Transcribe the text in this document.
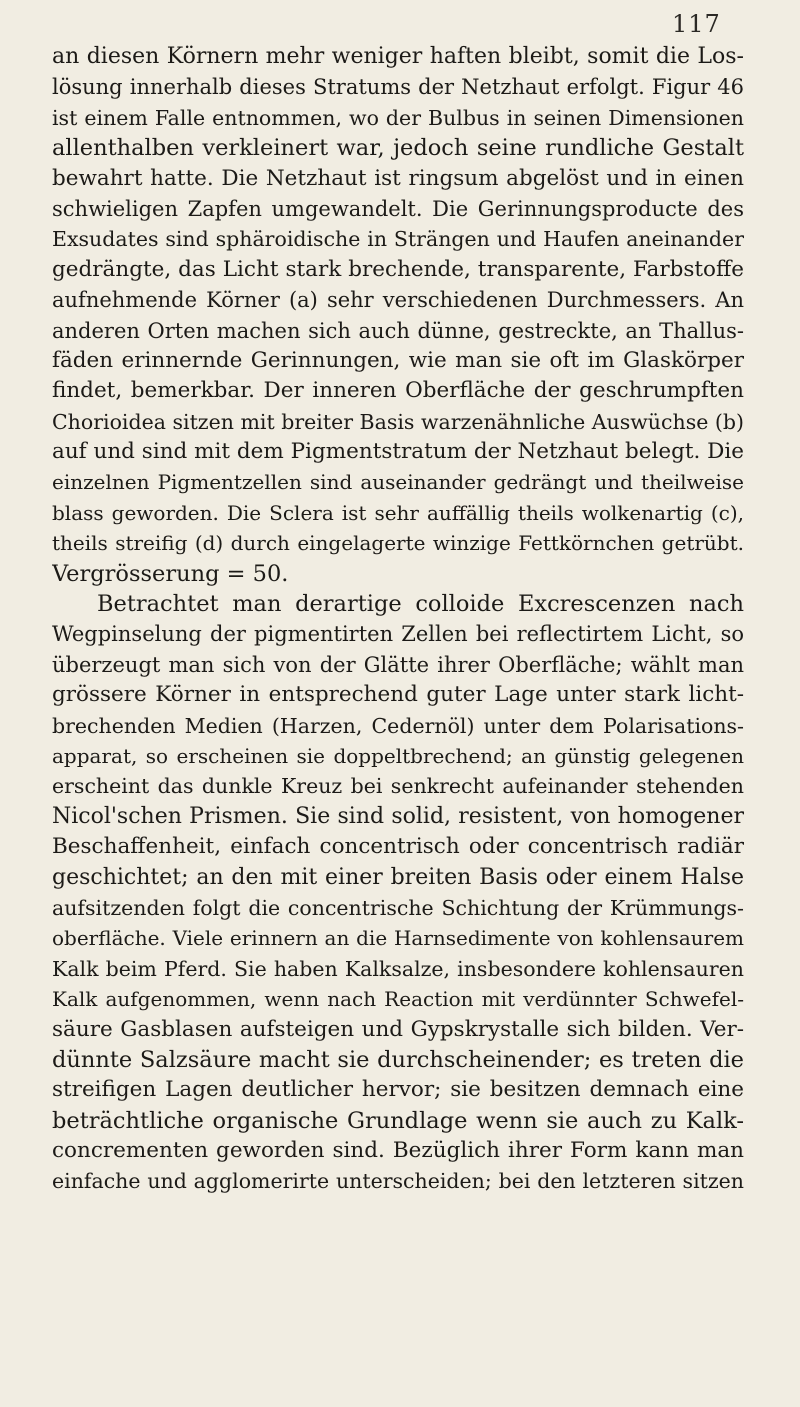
117
an diesen Körnern mehr weniger haften bleibt, somit die Los-
lösung innerhalb dieses Stratums der Netzhaut erfolgt. Figur 46
ist einem Falle entnommen, wo der Bulbus in seinen Dimensionen
allenthalben verkleinert war, jedoch seine rundliche Gestalt
bewahrt hatte. Die Netzhaut ist ringsum abgelöst und in einen
schwieligen Zapfen umgewandelt. Die Gerinnungsproducte des
Exsudates sind sphäroidische in Strängen und Haufen aneinander
gedrängte, das Licht stark brechende, transparente, Farbstoffe
aufnehmende Körner (a) sehr verschiedenen Durchmessers. An
anderen Orten machen sich auch dünne, gestreckte, an Thallus-
fäden erinnernde Gerinnungen, wie man sie oft im Glaskörper
findet, bemerkbar. Der inneren Oberfläche der geschrumpften
Chorioidea sitzen mit breiter Basis warzenähnliche Auswüchse (b)
auf und sind mit dem Pigmentstratum der Netzhaut belegt. Die
einzelnen Pigmentzellen sind auseinander gedrängt und theilweise
blass geworden. Die Sclera ist sehr auffällig theils wolkenartig (c),
theils streifig (d) durch eingelagerte winzige Fettkörnchen getrübt.
Vergrösserung = 50.
Betrachtet man derartige colloide Excrescenzen nach
Wegpinselung der pigmentirten Zellen bei reflectirtem Licht, so
überzeugt man sich von der Glätte ihrer Oberfläche; wählt man
grössere Körner in entsprechend guter Lage unter stark licht-
brechenden Medien (Harzen, Cedernöl) unter dem Polarisations-
apparat, so erscheinen sie doppeltbrechend; an günstig gelegenen
erscheint das dunkle Kreuz bei senkrecht aufeinander stehenden
Nicol'schen Prismen. Sie sind solid, resistent, von homogener
Beschaffenheit, einfach concentrisch oder concentrisch radiär
geschichtet; an den mit einer breiten Basis oder einem Halse
aufsitzenden folgt die concentrische Schichtung der Krümmungs-
oberfläche. Viele erinnern an die Harnsedimente von kohlensaurem
Kalk beim Pferd. Sie haben Kalksalze, insbesondere kohlensauren
Kalk aufgenommen, wenn nach Reaction mit verdünnter Schwefel-
säure Gasblasen aufsteigen und Gypskrystalle sich bilden. Ver-
dünnte Salzsäure macht sie durchscheinender; es treten die
streifigen Lagen deutlicher hervor; sie besitzen demnach eine
beträchtliche organische Grundlage wenn sie auch zu Kalk-
concrementen geworden sind. Bezüglich ihrer Form kann man
einfache und agglomerirte unterscheiden; bei den letzteren sitzen
